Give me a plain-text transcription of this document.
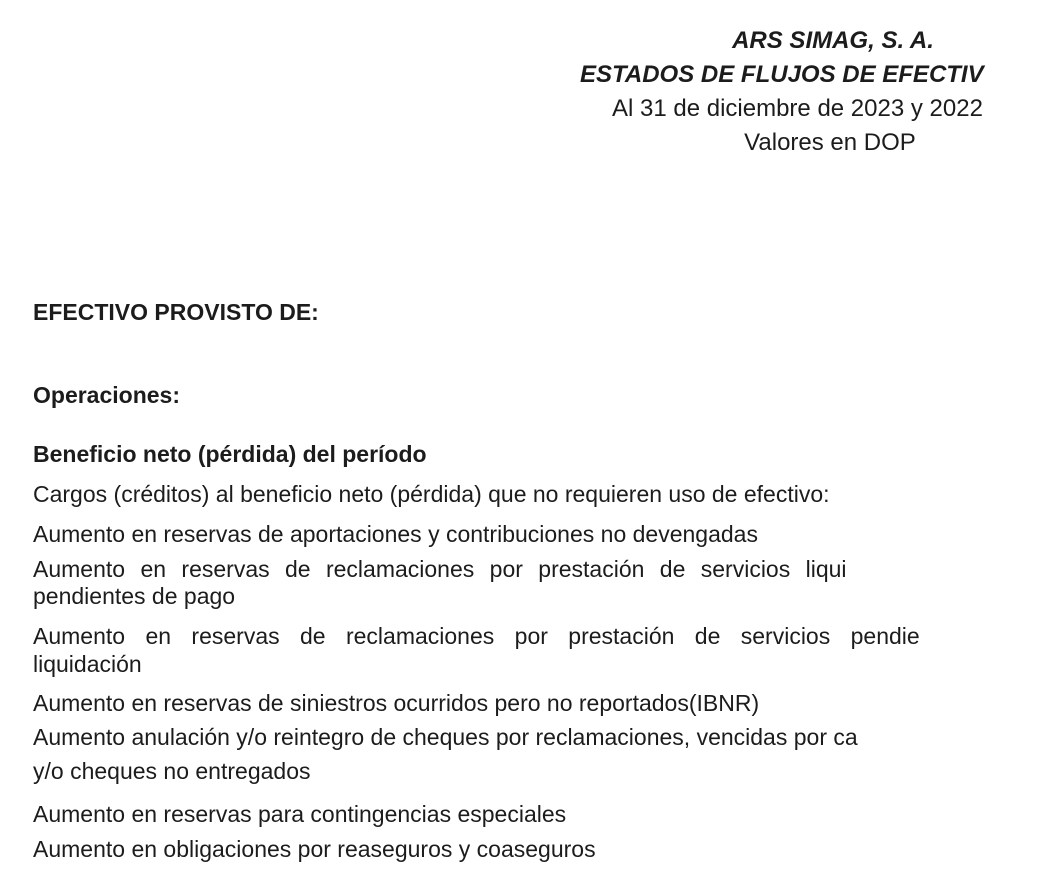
ARS SIMAG, S. A.
ESTADOS DE FLUJOS DE EFECTIV
Al 31 de diciembre de 2023 y 2022
Valores en DOP
EFECTIVO PROVISTO DE:
Operaciones:
Beneficio neto (pérdida) del período
Cargos (créditos) al beneficio neto (pérdida) que no requieren uso de efectivo:
Aumento en reservas de aportaciones y contribuciones no devengadas
Aumento en reservas de reclamaciones por prestación de servicios liqui
pendientes de pago
Aumento en reservas de reclamaciones por prestación de servicios pendie
liquidación
Aumento en reservas de siniestros ocurridos pero no reportados(IBNR)
Aumento anulación y/o reintegro de cheques por reclamaciones, vencidas por ca
y/o cheques no entregados
Aumento en reservas para contingencias especiales
Aumento en obligaciones por reaseguros y coaseguros
